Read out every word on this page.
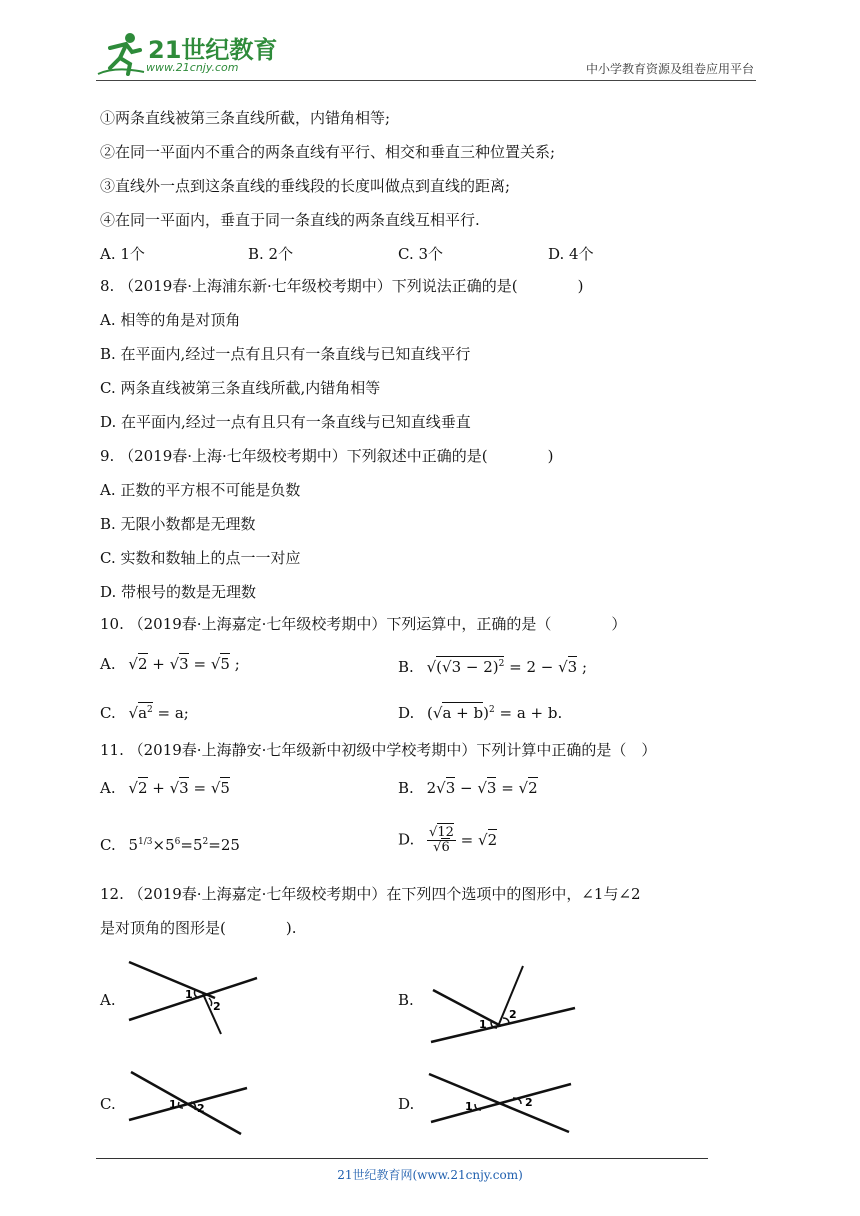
21世纪教育
www.21cnjy.com	中小学教育资源及组卷应用平台
①两条直线被第三条直线所截，内错角相等;
②在同一平面内不重合的两条直线有平行、相交和垂直三种位置关系;
③直线外一点到这条直线的垂线段的长度叫做点到直线的距离;
④在同一平面内，垂直于同一条直线的两条直线互相平行.
A. 1个	B. 2个	C. 3个	D. 4个
8. （2019春·上海浦东新·七年级校考期中）下列说法正确的是(　　　　)
A. 相等的角是对顶角
B. 在平面内,经过一点有且只有一条直线与已知直线平行
C. 两条直线被第三条直线所截,内错角相等
D. 在平面内,经过一点有且只有一条直线与已知直线垂直
9. （2019春·上海·七年级校考期中）下列叙述中正确的是(　　　　)
A. 正数的平方根不可能是负数
B. 无限小数都是无理数
C. 实数和数轴上的点一一对应
D. 带根号的数是无理数
10. （2019春·上海嘉定·七年级校考期中）下列运算中，正确的是（　　　　）
A. √2 + √3 = √5 ;	B. $√(√3 - 2)^2 = 2 - √3$ ;
C. $√a^2 = a$;	D. $(√a + b)^2 = a + b$.
11. （2019春·上海静安·七年级新中初级中学校考期中）下列计算中正确的是（　）
A. √2 + √3 = √5	B. 2√3 − √3 = √2
C. $5^{1/3}\times 5^6=5^2=25$	D. $\frac{√12}{√6} = √2$
12. （2019春·上海嘉定·七年级校考期中）在下列四个选项中的图形中，∠1与∠2
是对顶角的图形是(　　　　).
A.	1
2	B.
1
2
C.	1 2	D.	1	2
21世纪教育网(www.21cnjy.com)
